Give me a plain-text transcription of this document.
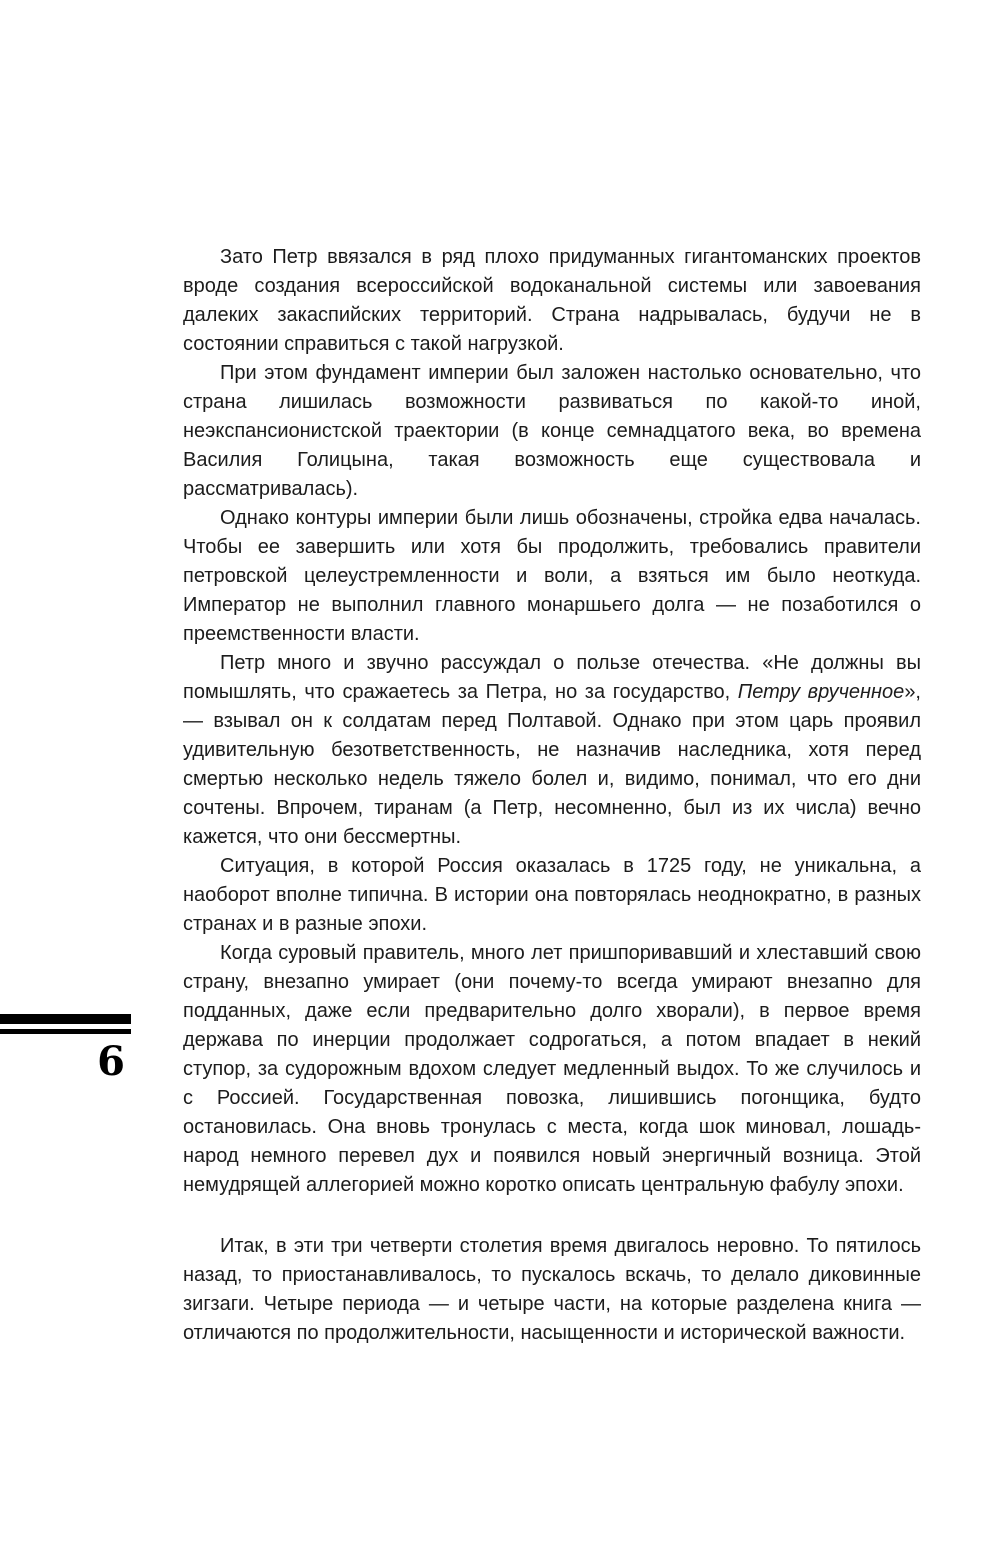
6

Зато Петр ввязался в ряд плохо придуманных гигантоманских проектов вроде создания всероссийской водоканальной системы или завоевания далеких закаспийских территорий. Страна надрывалась, будучи не в состоянии справиться с такой нагрузкой.

При этом фундамент империи был заложен настолько основательно, что страна лишилась возможности развиваться по какой-то иной, неэкспансионистской траектории (в конце семнадцатого века, во времена Василия Голицына, такая возможность еще существовала и рассматривалась).

Однако контуры империи были лишь обозначены, стройка едва началась. Чтобы ее завершить или хотя бы продолжить, требовались правители петровской целеустремленности и воли, а взяться им было неоткуда. Император не выполнил главного монаршьего долга — не позаботился о преемственности власти.

Петр много и звучно рассуждал о пользе отечества. «Не должны вы помышлять, что сражаетесь за Петра, но за государство, Петру врученное», — взывал он к солдатам перед Полтавой. Однако при этом царь проявил удивительную безответственность, не назначив наследника, хотя перед смертью несколько недель тяжело болел и, видимо, понимал, что его дни сочтены. Впрочем, тиранам (а Петр, несомненно, был из их числа) вечно кажется, что они бессмертны.

Ситуация, в которой Россия оказалась в 1725 году, не уникальна, а наоборот вполне типична. В истории она повторялась неоднократно, в разных странах и в разные эпохи.

Когда суровый правитель, много лет пришпоривавший и хлеставший свою страну, внезапно умирает (они почему-то всегда умирают внезапно для подданных, даже если предварительно долго хворали), в первое время держава по инерции продолжает содрогаться, а потом впадает в некий ступор, за судорожным вдохом следует медленный выдох. То же случилось и с Россией. Государственная повозка, лишившись погонщика, будто остановилась. Она вновь тронулась с места, когда шок миновал, лошадь-народ немного перевел дух и появился новый энергичный возница. Этой немудрящей аллегорией можно коротко описать центральную фабулу эпохи.

Итак, в эти три четверти столетия время двигалось неровно. То пятилось назад, то приостанавливалось, то пускалось вскачь, то делало диковинные зигзаги. Четыре периода — и четыре части, на которые разделена книга — отличаются по продолжительности, насыщенности и исторической важности.
